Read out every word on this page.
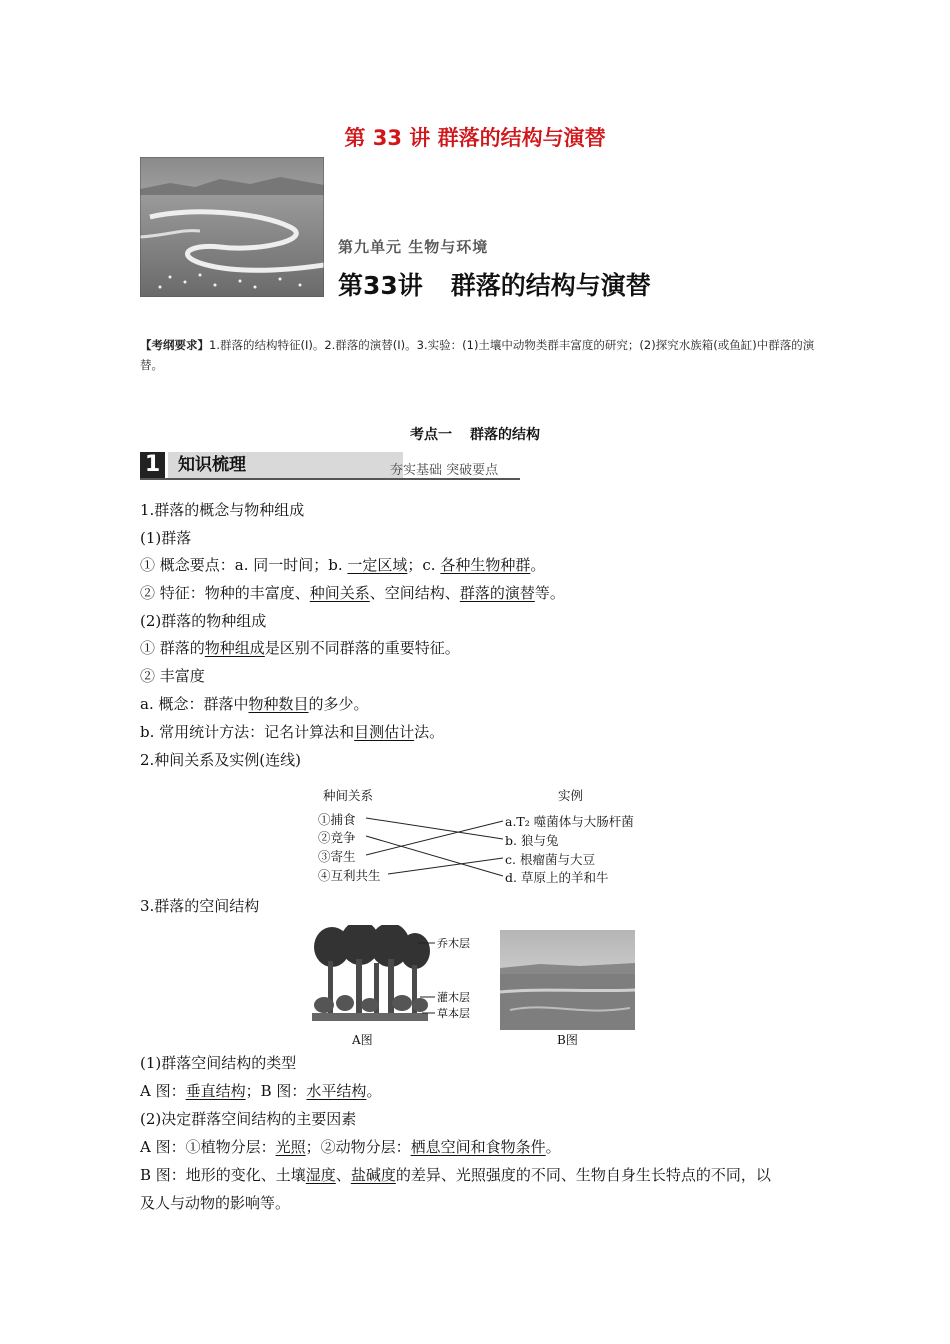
第 33 讲 群落的结构与演替
第九单元 生物与环境
第33讲 群落的结构与演替
【考纲要求】1.群落的结构特征(Ⅰ)。2.群落的演替(Ⅰ)。3.实验：(1)土壤中动物类群丰富度的研究；(2)探究水族箱(或鱼缸)中群落的演替。
考点一 群落的结构
1	知识梳理	夯实基础 突破要点
1.群落的概念与物种组成
(1)群落
① 概念要点：a. 同一时间；b. 一定区域；c. 各种生物种群。
② 特征：物种的丰富度、种间关系、空间结构、群落的演替等。
(2)群落的物种组成
① 群落的物种组成是区别不同群落的重要特征。
② 丰富度
a. 概念：群落中物种数目的多少。
b. 常用统计方法：记名计算法和目测估计法。
2.种间关系及实例(连线)
种间关系	实例
①捕食
②竞争
③寄生
④互利共生
a.T₂ 噬菌体与大肠杆菌
b. 狼与兔
c. 根瘤菌与大豆
d. 草原上的羊和牛
3.群落的空间结构
乔木层
灌木层
草本层
A图	B图
(1)群落空间结构的类型
A 图：垂直结构；B 图：水平结构。
(2)决定群落空间结构的主要因素
A 图：①植物分层：光照；②动物分层：栖息空间和食物条件。
B 图：地形的变化、土壤湿度、盐碱度的差异、光照强度的不同、生物自身生长特点的不同，以
及人与动物的影响等。
